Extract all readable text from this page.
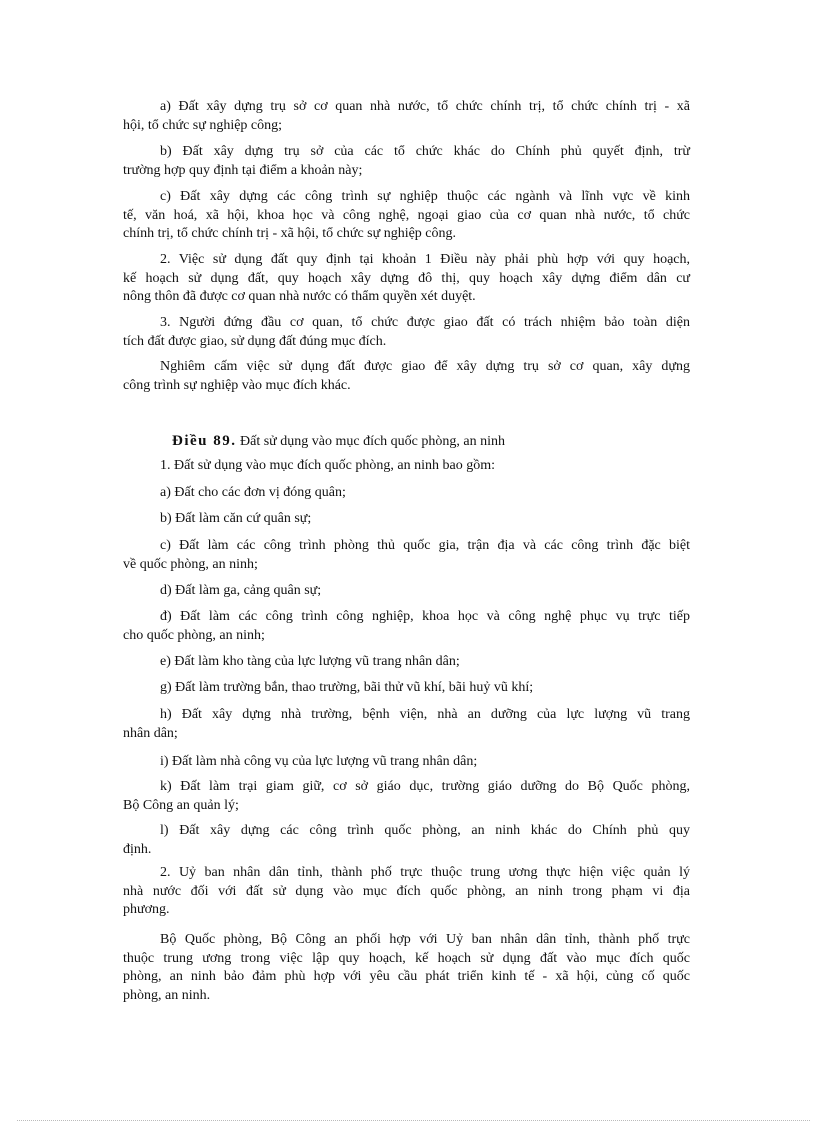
Điều 89. Đất sử dụng vào mục đích quốc phòng, an ninh
a) Đất xây dựng trụ sở cơ quan nhà nước, tổ chức chính trị, tổ chức chính trị - xã
hội, tổ chức sự nghiệp công;
b) Đất xây dựng trụ sở của các tổ chức khác do Chính phủ quyết định, trừ
trường hợp quy định tại điểm a khoản này;
c) Đất xây dựng các công trình sự nghiệp thuộc các ngành và lĩnh vực về kinh
tế, văn hoá, xã hội, khoa học và công nghệ, ngoại giao của cơ quan nhà nước, tổ chức
chính trị, tổ chức chính trị - xã hội, tổ chức sự nghiệp công.
2. Việc sử dụng đất quy định tại khoản 1 Điều này phải phù hợp với quy hoạch,
kế hoạch sử dụng đất, quy hoạch xây dựng đô thị, quy hoạch xây dựng điểm dân cư
nông thôn đã được cơ quan nhà nước có thẩm quyền xét duyệt.
3. Người đứng đầu cơ quan, tổ chức được giao đất có trách nhiệm bảo toàn diện
tích đất được giao, sử dụng đất đúng mục đích.
Nghiêm cấm việc sử dụng đất được giao để xây dựng trụ sở cơ quan, xây dựng
công trình sự nghiệp vào mục đích khác.
1. Đất sử dụng vào mục đích quốc phòng, an ninh bao gồm:
a) Đất cho các đơn vị đóng quân;
b) Đất làm căn cứ quân sự;
c) Đất làm các công trình phòng thủ quốc gia, trận địa và các công trình đặc biệt
về quốc phòng, an ninh;
d) Đất làm ga, cảng quân sự;
đ) Đất làm các công trình công nghiệp, khoa học và công nghệ phục vụ trực tiếp
cho quốc phòng, an ninh;
e) Đất làm kho tàng của lực lượng vũ trang nhân dân;
g) Đất làm trường bắn, thao trường, bãi thử vũ khí, bãi huỷ vũ khí;
h) Đất xây dựng nhà trường, bệnh viện, nhà an dưỡng của lực lượng vũ trang
nhân dân;
i) Đất làm nhà công vụ của lực lượng vũ trang nhân dân;
k) Đất làm trại giam giữ, cơ sở giáo dục, trường giáo dưỡng do Bộ Quốc phòng,
Bộ Công an quản lý;
l) Đất xây dựng các công trình quốc phòng, an ninh khác do Chính phủ quy
định.
2. Uỷ ban nhân dân tỉnh, thành phố trực thuộc trung ương thực hiện việc quản lý
nhà nước đối với đất sử dụng vào mục đích quốc phòng, an ninh trong phạm vi địa
phương.
Bộ Quốc phòng, Bộ Công an phối hợp với Uỷ ban nhân dân tỉnh, thành phố trực
thuộc trung ương trong việc lập quy hoạch, kế hoạch sử dụng đất vào mục đích quốc
phòng, an ninh bảo đảm phù hợp với yêu cầu phát triển kinh tế - xã hội, củng cố quốc
phòng, an ninh.
